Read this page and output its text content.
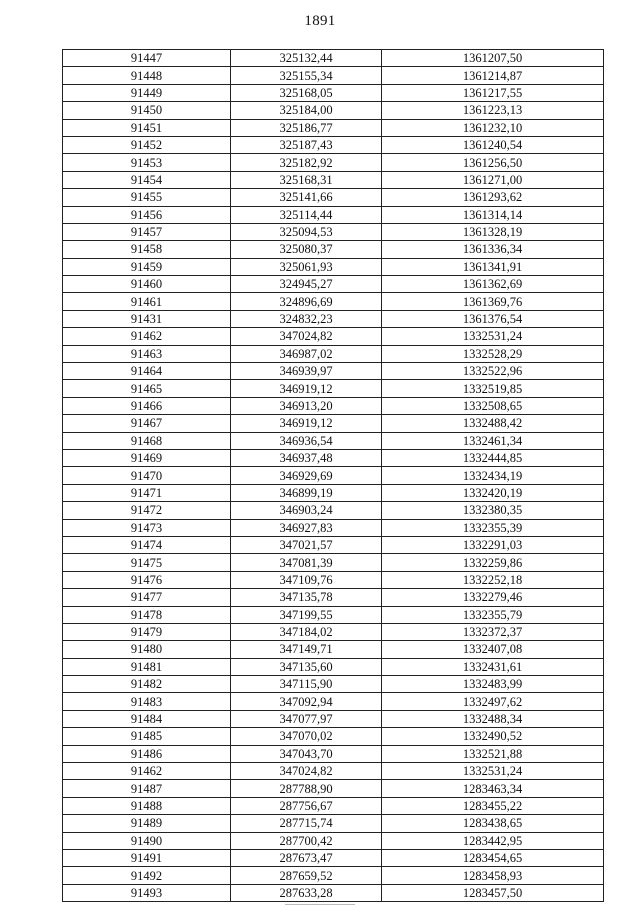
1891
91447	325132,44	1361207,50
91448	325155,34	1361214,87
91449	325168,05	1361217,55
91450	325184,00	1361223,13
91451	325186,77	1361232,10
91452	325187,43	1361240,54
91453	325182,92	1361256,50
91454	325168,31	1361271,00
91455	325141,66	1361293,62
91456	325114,44	1361314,14
91457	325094,53	1361328,19
91458	325080,37	1361336,34
91459	325061,93	1361341,91
91460	324945,27	1361362,69
91461	324896,69	1361369,76
91431	324832,23	1361376,54
91462	347024,82	1332531,24
91463	346987,02	1332528,29
91464	346939,97	1332522,96
91465	346919,12	1332519,85
91466	346913,20	1332508,65
91467	346919,12	1332488,42
91468	346936,54	1332461,34
91469	346937,48	1332444,85
91470	346929,69	1332434,19
91471	346899,19	1332420,19
91472	346903,24	1332380,35
91473	346927,83	1332355,39
91474	347021,57	1332291,03
91475	347081,39	1332259,86
91476	347109,76	1332252,18
91477	347135,78	1332279,46
91478	347199,55	1332355,79
91479	347184,02	1332372,37
91480	347149,71	1332407,08
91481	347135,60	1332431,61
91482	347115,90	1332483,99
91483	347092,94	1332497,62
91484	347077,97	1332488,34
91485	347070,02	1332490,52
91486	347043,70	1332521,88
91462	347024,82	1332531,24
91487	287788,90	1283463,34
91488	287756,67	1283455,22
91489	287715,74	1283438,65
91490	287700,42	1283442,95
91491	287673,47	1283454,65
91492	287659,52	1283458,93
91493	287633,28	1283457,50
